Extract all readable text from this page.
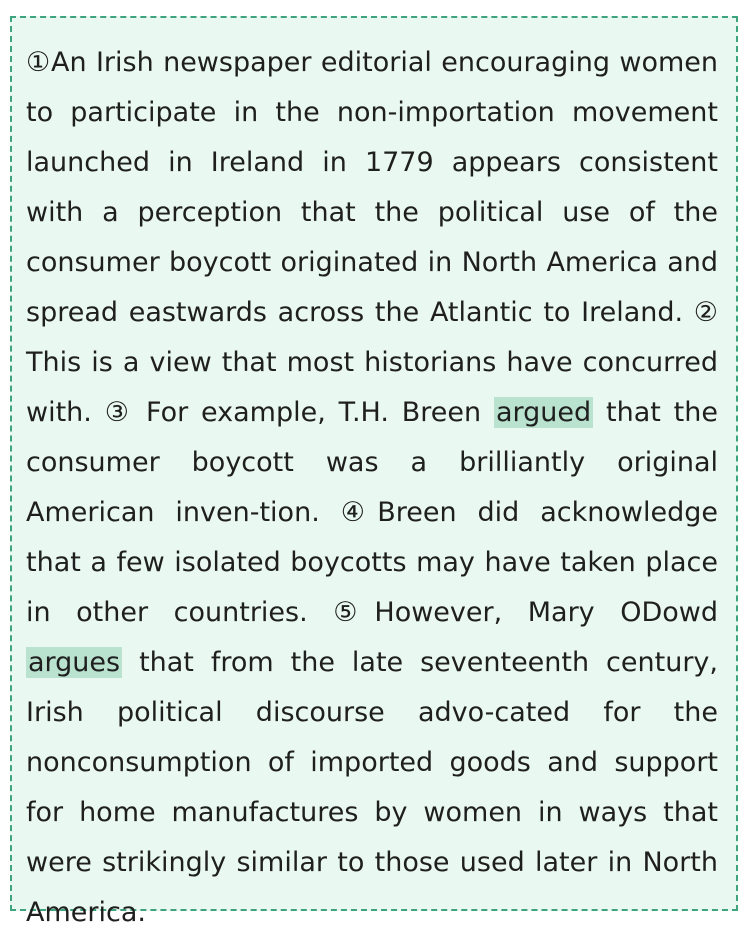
①An Irish newspaper editorial encouraging women to participate in the non-importation movement launched in Ireland in 1779 appears consistent with a perception that the political use of the consumer boycott originated in North America and spread eastwards across the Atlantic to Ireland. ② This is a view that most historians have concurred with. ③ For example, T.H. Breen argued that the consumer boycott was a brilliantly original American inven-tion. ④Breen did acknowledge that a few isolated boycotts may have taken place in other countries. ⑤However, Mary ODowd argues that from the late seventeenth century, Irish political discourse advo-cated for the nonconsumption of imported goods and support for home manufactures by women in ways that were strikingly similar to those used later in North America.
